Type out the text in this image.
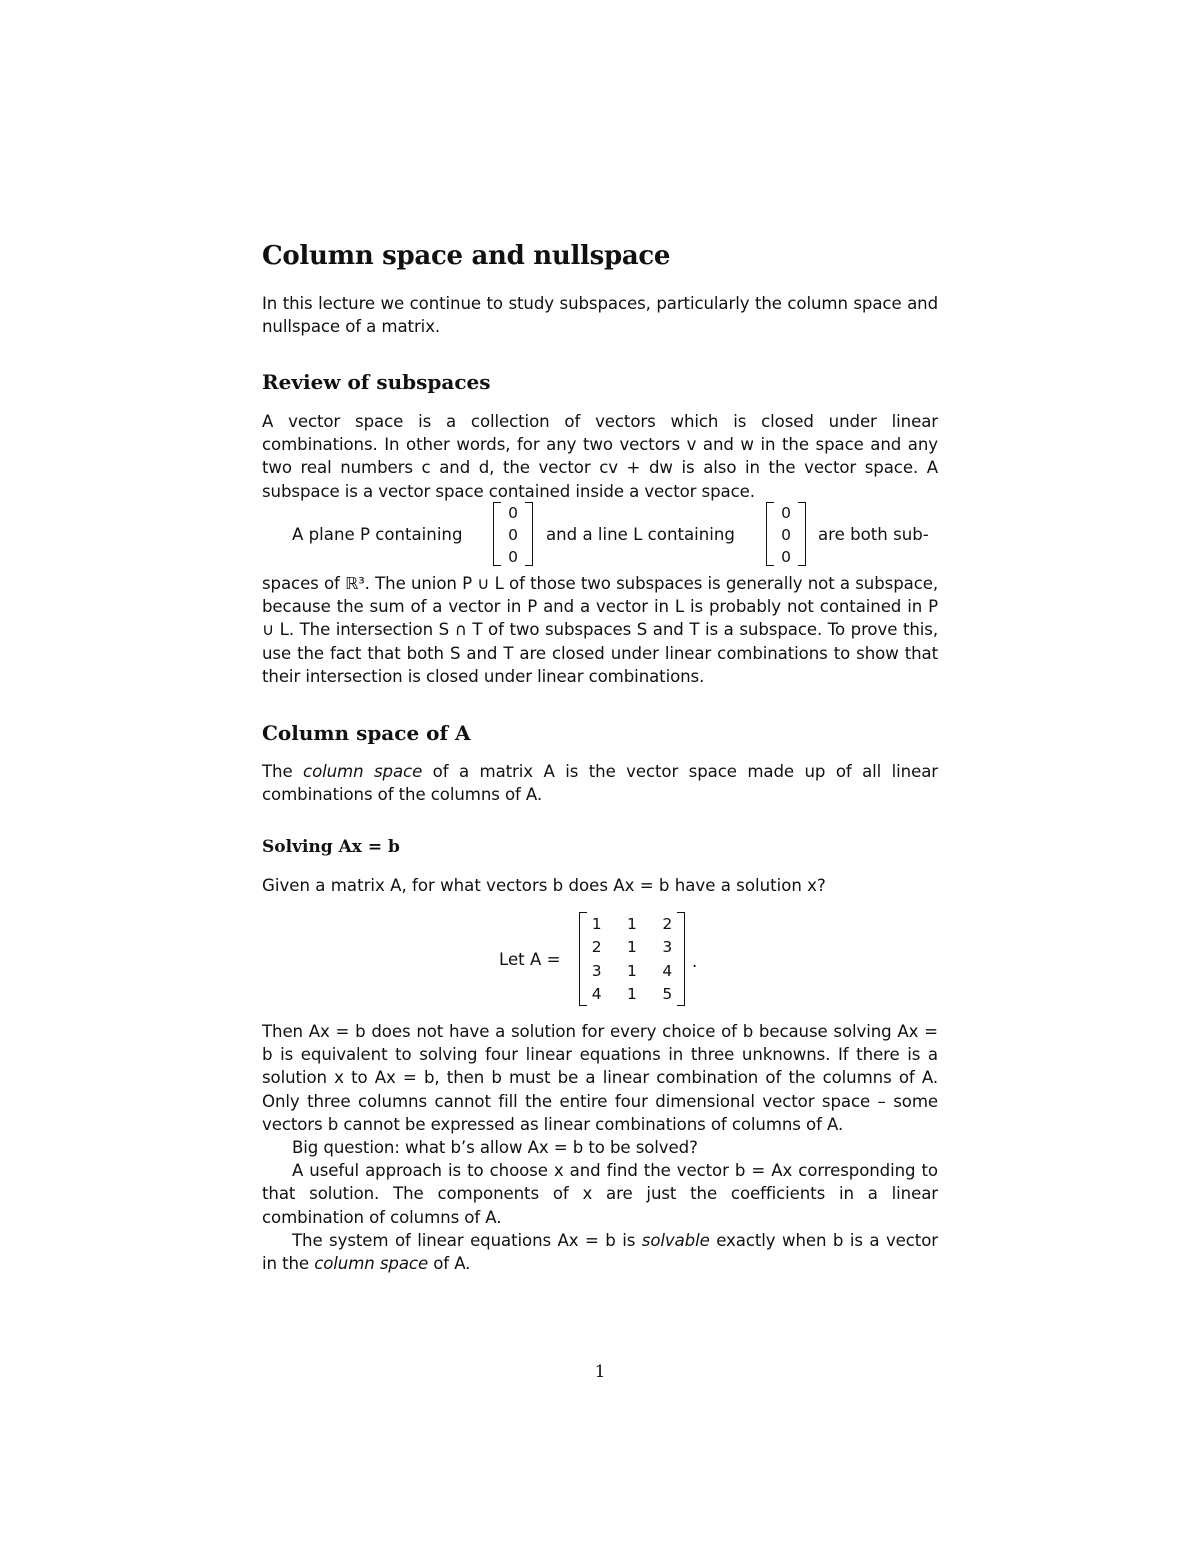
Column space and nullspace

In this lecture we continue to study subspaces, particularly the column space and nullspace of a matrix.

Review of subspaces

A vector space is a collection of vectors which is closed under linear combinations. In other words, for any two vectors v and w in the space and any two real numbers c and d, the vector cv + dw is also in the vector space. A subspace is a vector space contained inside a vector space.

A plane P containing
0
0
0
and a line L containing
0
0
0
are both sub-

spaces of ℝ³. The union P ∪ L of those two subspaces is generally not a subspace, because the sum of a vector in P and a vector in L is probably not contained in P ∪ L. The intersection S ∩ T of two subspaces S and T is a subspace. To prove this, use the fact that both S and T are closed under linear combinations to show that their intersection is closed under linear combinations.

Column space of A

The column space of a matrix A is the vector space made up of all linear combinations of the columns of A.

Solving Ax = b

Given a matrix A, for what vectors b does Ax = b have a solution x?

Let A =
1	1	2
2	1	3
3	1	4
4	1	5
.

Then Ax = b does not have a solution for every choice of b because solving Ax = b is equivalent to solving four linear equations in three unknowns. If there is a solution x to Ax = b, then b must be a linear combination of the columns of A. Only three columns cannot fill the entire four dimensional vector space – some vectors b cannot be expressed as linear combinations of columns of A.

Big question: what b’s allow Ax = b to be solved?

A useful approach is to choose x and find the vector b = Ax corresponding to that solution. The components of x are just the coefficients in a linear combination of columns of A.

The system of linear equations Ax = b is solvable exactly when b is a vector in the column space of A.

1
